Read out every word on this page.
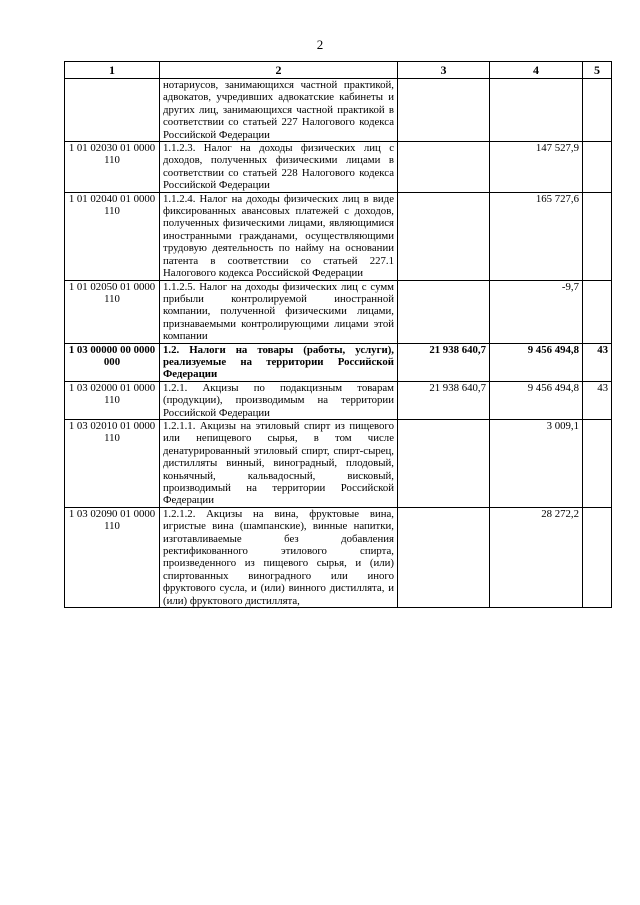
2
1	2	3	4	5
	нотариусов, занимающихся частной практикой, адвокатов, учредивших адвокатские кабинеты и других лиц, занимающихся частной практикой в соответствии со статьей 227 Налогового кодекса Российской Федерации			
1 01 02030 01 0000 110	1.1.2.3. Налог на доходы физических лиц с доходов, полученных физическими лицами в соответствии со статьей 228 Налогового кодекса Российской Федерации		147 527,9	
1 01 02040 01 0000 110	1.1.2.4. Налог на доходы физических лиц в виде фиксированных авансовых платежей с доходов, полученных физическими лицами, являющимися иностранными гражданами, осуществляющими трудовую деятельность по найму на основании патента в соответствии со статьей 227.1 Налогового кодекса Российской Федерации		165 727,6	
1 01 02050 01 0000 110	1.1.2.5. Налог на доходы физических лиц с сумм прибыли контролируемой иностранной компании, полученной физическими лицами, признаваемыми контролирующими лицами этой компании		-9,7	
1 03 00000 00 0000 000	1.2. Налоги на товары (работы, услуги), реализуемые на территории Российской Федерации	21 938 640,7	9 456 494,8	43
1 03 02000 01 0000 110	1.2.1. Акцизы по подакцизным товарам (продукции), производимым на территории Российской Федерации	21 938 640,7	9 456 494,8	43
1 03 02010 01 0000 110	1.2.1.1. Акцизы на этиловый спирт из пищевого или непищевого сырья, в том числе денатурированный этиловый спирт, спирт-сырец, дистилляты винный, виноградный, плодовый, коньячный, кальвадосный, висковый, производимый на территории Российской Федерации		3 009,1	
1 03 02090 01 0000 110	1.2.1.2. Акцизы на вина, фруктовые вина, игристые вина (шампанские), винные напитки, изготавливаемые без добавления ректификованного этилового спирта, произведенного из пищевого сырья, и (или) спиртованных виноградного или иного фруктового сусла, и (или) винного дистиллята, и (или) фруктового дистиллята,		28 272,2	
